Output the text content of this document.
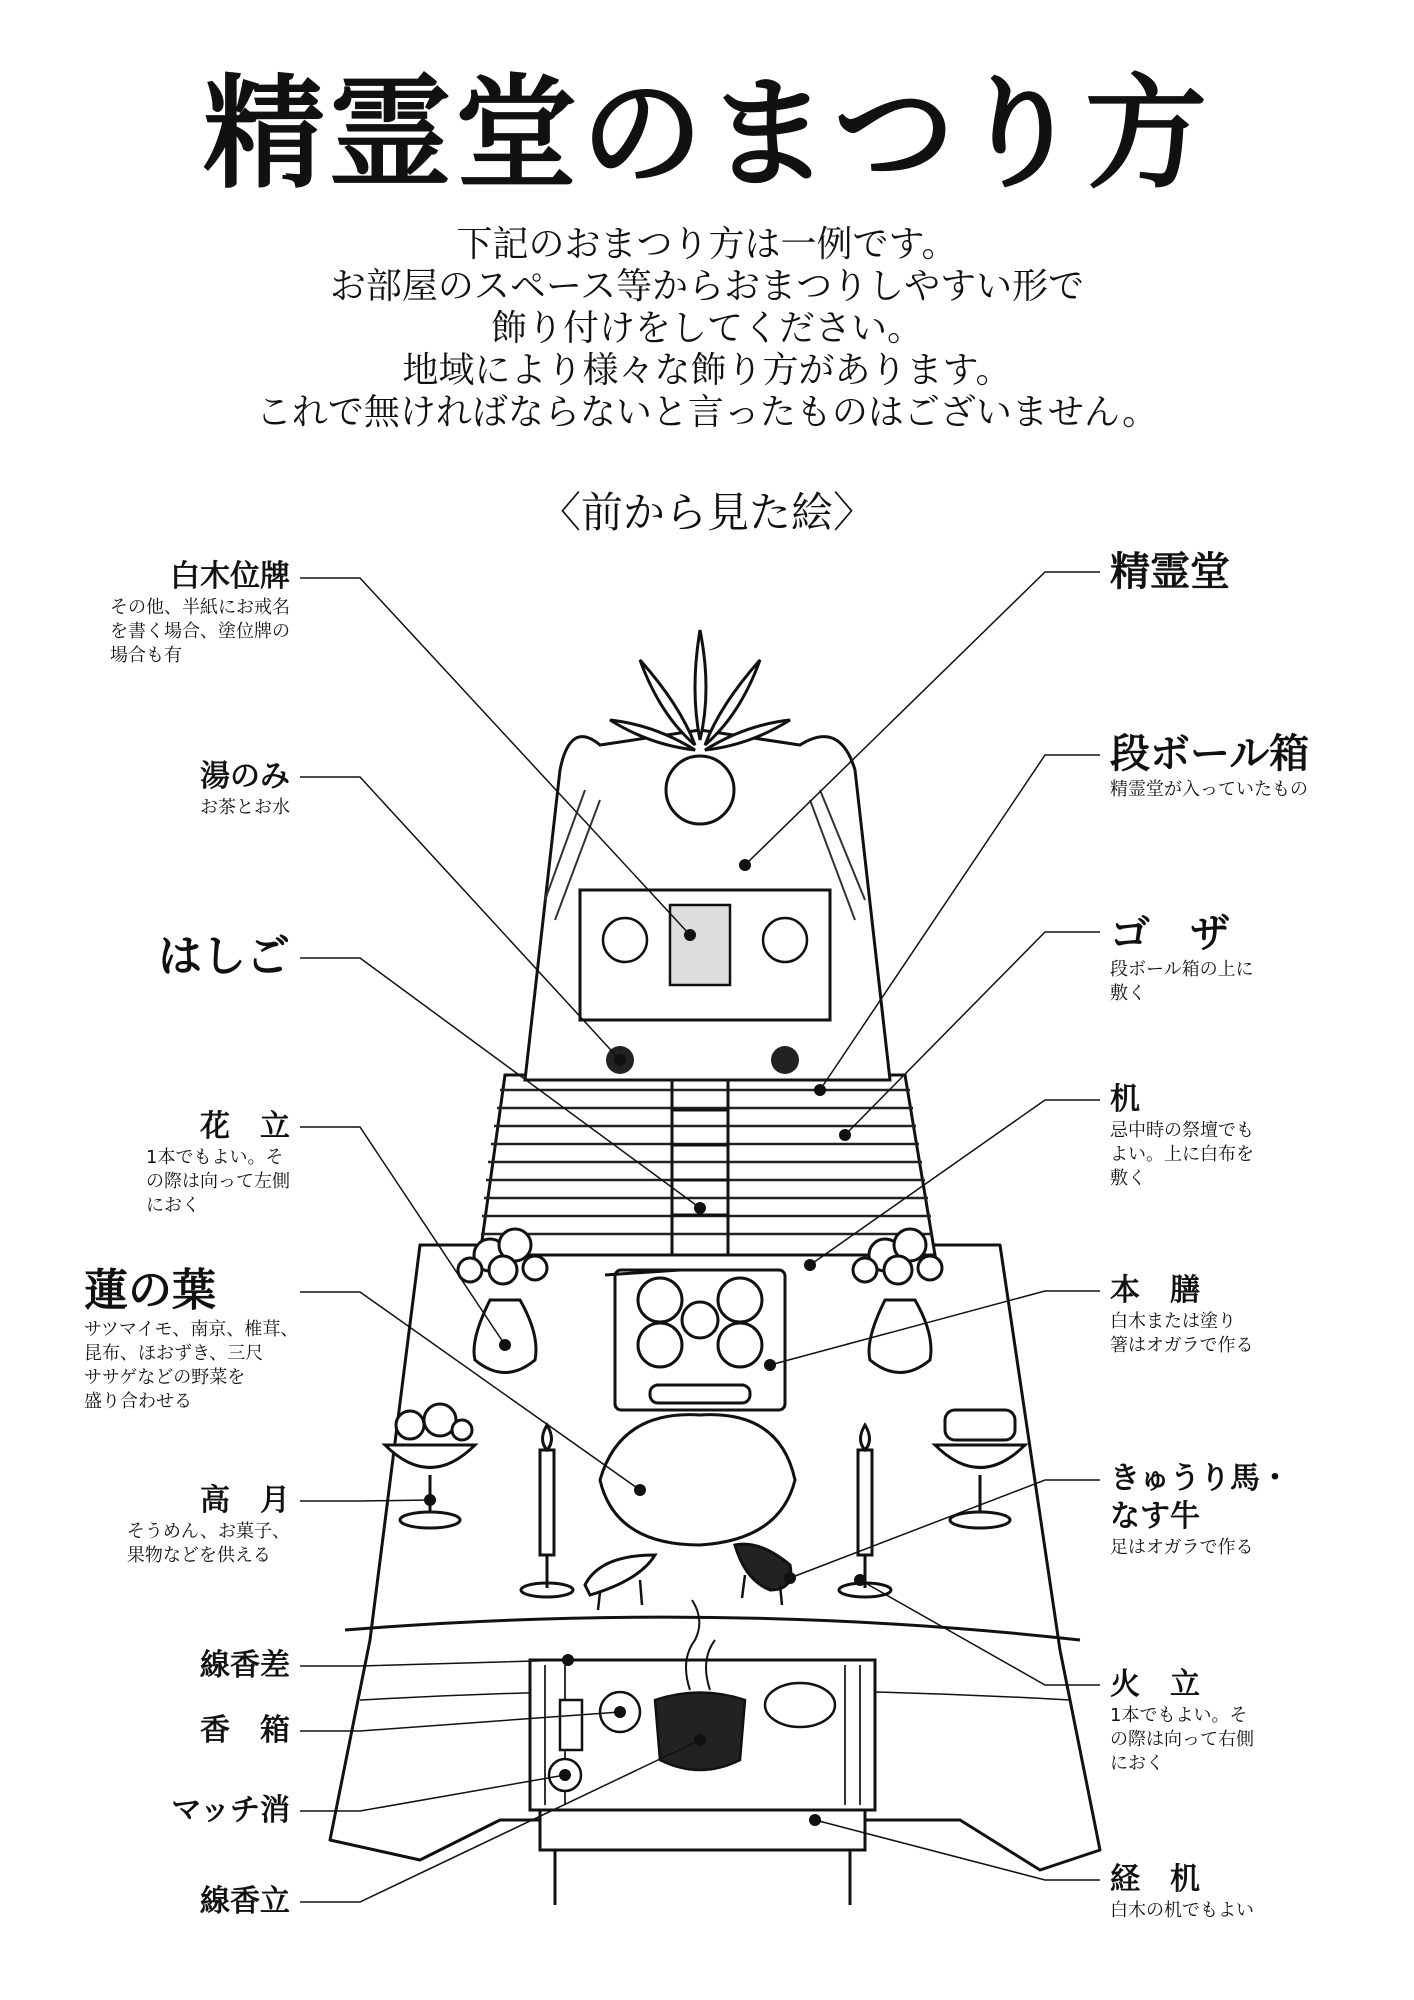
精霊堂のまつり方
下記のおまつり方は一例です。
お部屋のスペース等からおまつりしやすい形で
飾り付けをしてください。
地域により様々な飾り方があります。
これで無ければならないと言ったものはございません。
〈前から見た絵〉
白木位牌
その他、半紙にお戒名
を書く場合、塗位牌の
場合も有
湯のみ
お茶とお水
はしご
花　立
1本でもよい。そ
の際は向って左側
におく
蓮の葉
サツマイモ、南京、椎茸、
昆布、ほおずき、三尺
ササゲなどの野菜を
盛り合わせる
高　月
そうめん、お菓子、
果物などを供える
線香差
香　箱
マッチ消
線香立
精霊堂
段ボール箱
精霊堂が入っていたもの
ゴ　ザ
段ボール箱の上に
敷く
机
忌中時の祭壇でも
よい。上に白布を
敷く
本　膳
白木または塗り
箸はオガラで作る
きゅうり馬・
なす牛
足はオガラで作る
火　立
1本でもよい。そ
の際は向って右側
におく
経　机
白木の机でもよい
